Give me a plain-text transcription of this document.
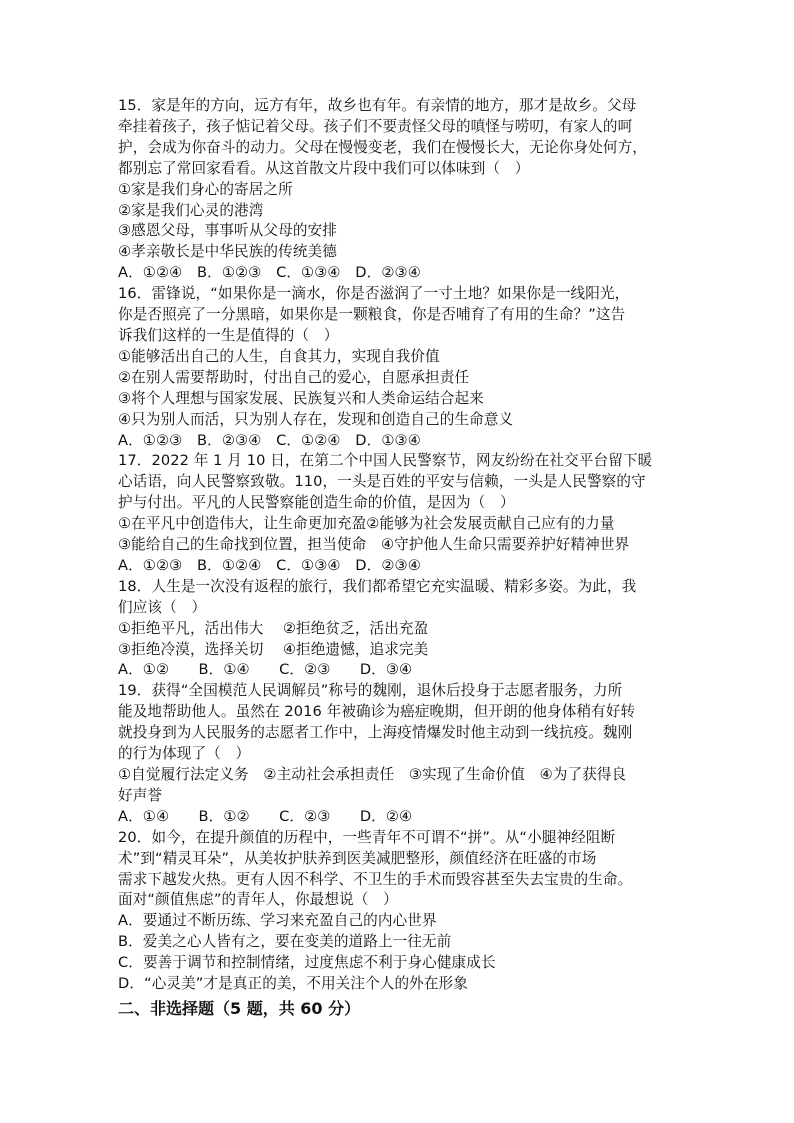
15．家是年的方向，远方有年，故乡也有年。有亲情的地方，那才是故乡。父母
牵挂着孩子，孩子惦记着父母。孩子们不要责怪父母的嗔怪与唠叨，有家人的呵
护，会成为你奋斗的动力。父母在慢慢变老，我们在慢慢长大，无论你身处何方，
都别忘了常回家看看。从这首散文片段中我们可以体味到（　）
①家是我们身心的寄居之所
②家是我们心灵的港湾
③感恩父母，事事听从父母的安排
④孝亲敬长是中华民族的传统美德
A．①②④　B．①②③　C．①③④　D．②③④
16．雷锋说，“如果你是一滴水，你是否滋润了一寸土地？如果你是一线阳光，
你是否照亮了一分黑暗，如果你是一颗粮食，你是否哺育了有用的生命？”这告
诉我们这样的一生是值得的（　）
①能够活出自己的人生，自食其力，实现自我价值
②在别人需要帮助时，付出自己的爱心，自愿承担责任
③将个人理想与国家发展、民族复兴和人类命运结合起来
④只为别人而活，只为别人存在，发现和创造自己的生命意义
A．①②③　B．②③④　C．①②④　D．①③④
17．2022 年 1 月 10 日，在第二个中国人民警察节，网友纷纷在社交平台留下暖
心话语，向人民警察致敬。110，一头是百姓的平安与信赖，一头是人民警察的守
护与付出。平凡的人民警察能创造生命的价值，是因为（　）
①在平凡中创造伟大，让生命更加充盈②能够为社会发展贡献自己应有的力量
③能给自己的生命找到位置，担当使命　④守护他人生命只需要养护好精神世界
A．①②③　B．①②④　C．①③④　D．②③④
18．人生是一次没有返程的旅行，我们都希望它充实温暖、精彩多姿。为此，我
们应该（　）
①拒绝平凡，活出伟大　 ②拒绝贫乏，活出充盈
③拒绝冷漠，选择关切　 ④拒绝遗憾，追求完美
A．①②　　B．①④　　C．②③　　D．③④
19．获得“全国模范人民调解员”称号的魏刚，退休后投身于志愿者服务，力所
能及地帮助他人。虽然在 2016 年被确诊为癌症晚期，但开朗的他身体稍有好转
就投身到为人民服务的志愿者工作中，上海疫情爆发时他主动到一线抗疫。魏刚
的行为体现了（　）
①自觉履行法定义务　②主动社会承担责任　③实现了生命价值　④为了获得良
好声誉
A．①④　　B．①②　　C．②③　　D．②④
20．如今，在提升颜值的历程中，一些青年不可谓不“拼”。从“小腿神经阻断
术”到“精灵耳朵”，从美妆护肤养到医美减肥整形，颜值经济在旺盛的市场
需求下越发火热。更有人因不科学、不卫生的手术而毁容甚至失去宝贵的生命。
面对“颜值焦虑”的青年人，你最想说（　）
A．要通过不断历练、学习来充盈自己的内心世界
B．爱美之心人皆有之，要在变美的道路上一往无前
C．要善于调节和控制情绪，过度焦虑不利于身心健康成长
D．“心灵美”才是真正的美，不用关注个人的外在形象
二、非选择题（5 题，共 60 分）
